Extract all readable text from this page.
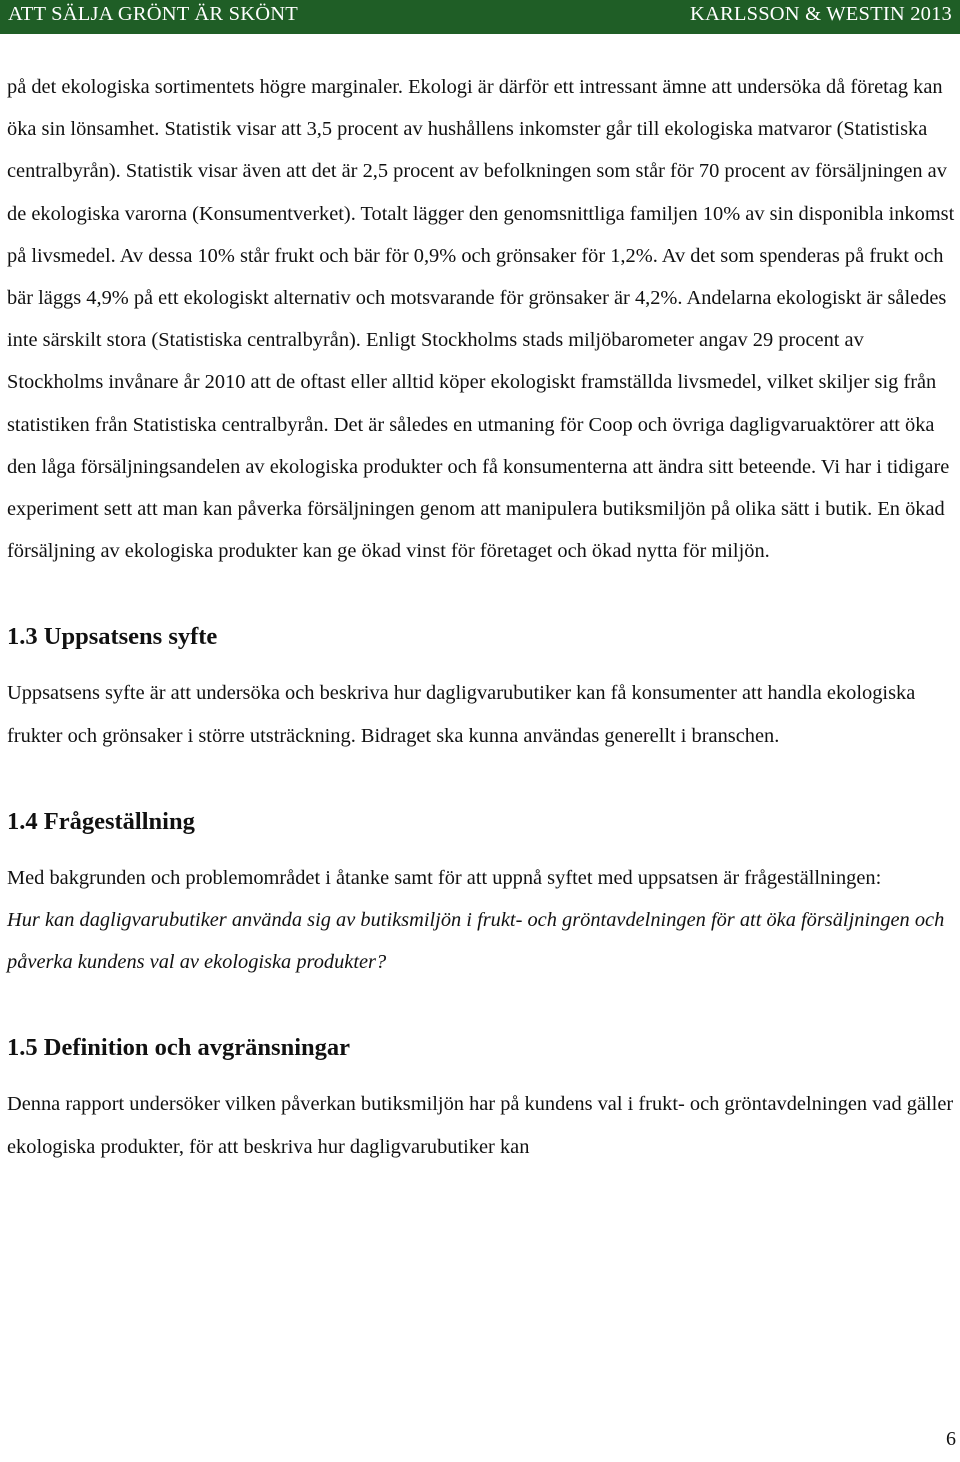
ATT SÄLJA GRÖNT ÄR SKÖNT	KARLSSON & WESTIN 2013

på det ekologiska sortimentets högre marginaler. Ekologi är därför ett intressant ämne att undersöka då företag kan öka sin lönsamhet. Statistik visar att 3,5 procent av hushållens inkomster går till ekologiska matvaror (Statistiska centralbyrån). Statistik visar även att det är 2,5 procent av befolkningen som står för 70 procent av försäljningen av de ekologiska varorna (Konsumentverket). Totalt lägger den genomsnittliga familjen 10% av sin disponibla inkomst på livsmedel. Av dessa 10% står frukt och bär för 0,9% och grönsaker för 1,2%. Av det som spenderas på frukt och bär läggs 4,9% på ett ekologiskt alternativ och motsvarande för grönsaker är 4,2%. Andelarna ekologiskt är således inte särskilt stora (Statistiska centralbyrån). Enligt Stockholms stads miljöbarometer angav 29 procent av Stockholms invånare år 2010 att de oftast eller alltid köper ekologiskt framställda livsmedel, vilket skiljer sig från statistiken från Statistiska centralbyrån. Det är således en utmaning för Coop och övriga dagligvaruaktörer att öka den låga försäljningsandelen av ekologiska produkter och få konsumenterna att ändra sitt beteende. Vi har i tidigare experiment sett att man kan påverka försäljningen genom att manipulera butiksmiljön på olika sätt i butik. En ökad försäljning av ekologiska produkter kan ge ökad vinst för företaget och ökad nytta för miljön.

1.3 Uppsatsens syfte

Uppsatsens syfte är att undersöka och beskriva hur dagligvarubutiker kan få konsumenter att handla ekologiska frukter och grönsaker i större utsträckning. Bidraget ska kunna användas generellt i branschen.

1.4 Frågeställning

Med bakgrunden och problemområdet i åtanke samt för att uppnå syftet med uppsatsen är frågeställningen:

Hur kan dagligvarubutiker använda sig av butiksmiljön i frukt- och gröntavdelningen för att öka försäljningen och påverka kundens val av ekologiska produkter?

1.5 Definition och avgränsningar

Denna rapport undersöker vilken påverkan butiksmiljön har på kundens val i frukt- och gröntavdelningen vad gäller ekologiska produkter, för att beskriva hur dagligvarubutiker kan

6
